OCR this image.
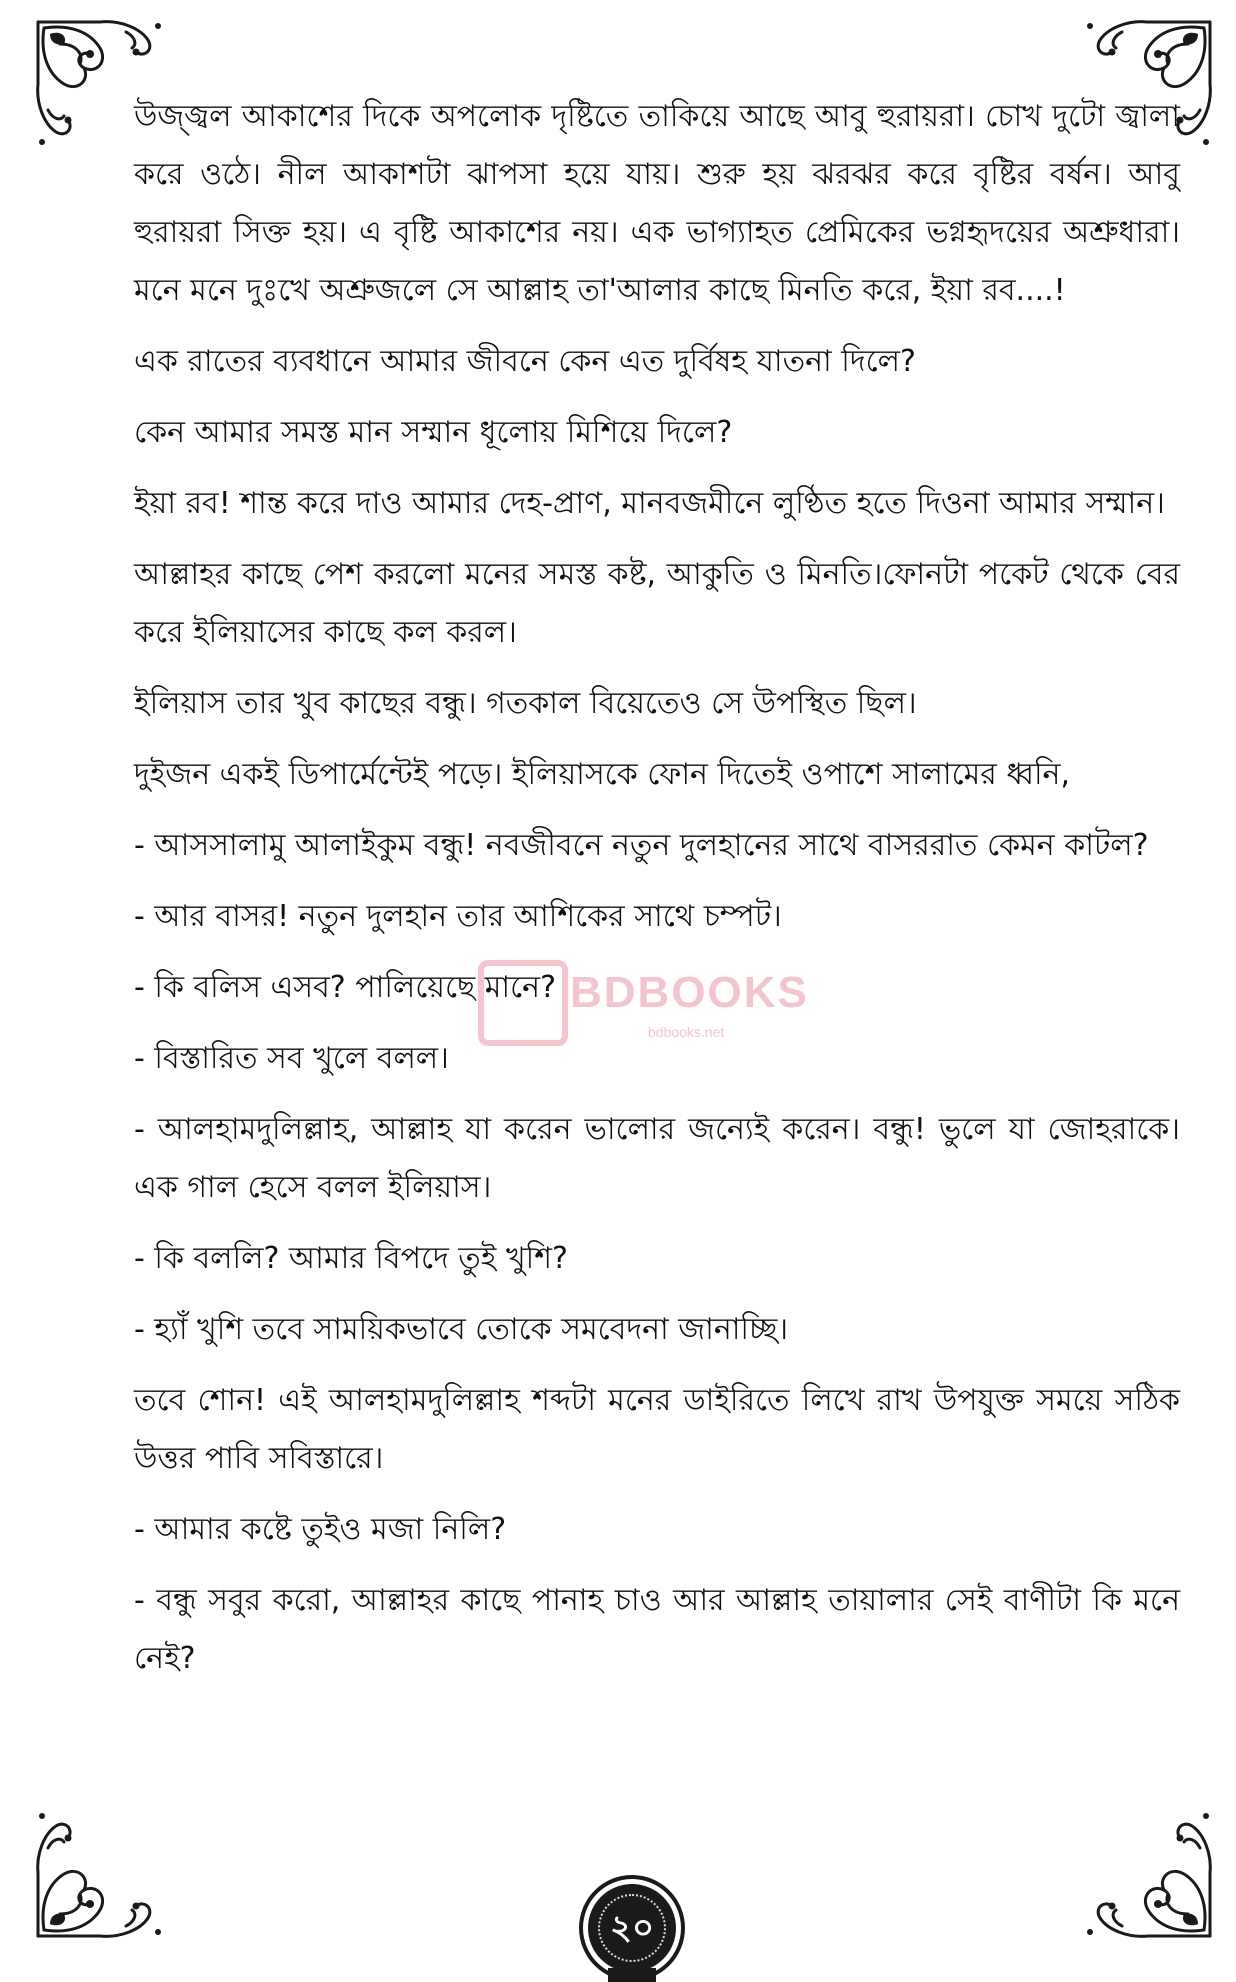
উজ্জ্বল আকাশের দিকে অপলোক দৃষ্টিতে তাকিয়ে আছে আবু হুরায়রা। চোখ দুটো জ্বালা করে ওঠে। নীল আকাশটা ঝাপসা হয়ে যায়। শুরু হয় ঝরঝর করে বৃষ্টির বর্ষন। আবু হুরায়রা সিক্ত হয়। এ বৃষ্টি আকাশের নয়। এক ভাগ্যাহত প্রেমিকের ভগ্নহৃদয়ের অশ্রুধারা। মনে মনে দুঃখে অশ্রুজলে সে আল্লাহ তা'আলার কাছে মিনতি করে, ইয়া রব....!

এক রাতের ব্যবধানে আমার জীবনে কেন এত দুর্বিষহ যাতনা দিলে?

কেন আমার সমস্ত মান সম্মান ধূলোয় মিশিয়ে দিলে?

ইয়া রব! শান্ত করে দাও আমার দেহ-প্রাণ, মানবজমীনে লুণ্ঠিত হতে দিওনা আমার সম্মান।

আল্লাহর কাছে পেশ করলো মনের সমস্ত কষ্ট, আকুতি ও মিনতি।ফোনটা পকেট থেকে বের করে ইলিয়াসের কাছে কল করল।

ইলিয়াস তার খুব কাছের বন্ধু। গতকাল বিয়েতেও সে উপস্থিত ছিল।

দুইজন একই ডিপার্মেন্টেই পড়ে। ইলিয়াসকে ফোন দিতেই ওপাশে সালামের ধ্বনি,

- আসসালামু আলাইকুম বন্ধু! নবজীবনে নতুন দুলহানের সাথে বাসররাত কেমন কাটল?

- আর বাসর! নতুন দুলহান তার আশিকের সাথে চম্পট।

- কি বলিস এসব? পালিয়েছে মানে?

- বিস্তারিত সব খুলে বলল।

- আলহামদুলিল্লাহ, আল্লাহ যা করেন ভালোর জন্যেই করেন। বন্ধু! ভুলে যা জোহরাকে। এক গাল হেসে বলল ইলিয়াস।

- কি বললি? আমার বিপদে তুই খুশি?

- হ্যাঁ খুশি তবে সাময়িকভাবে তোকে সমবেদনা জানাচ্ছি।

তবে শোন! এই আলহামদুলিল্লাহ শব্দটা মনের ডাইরিতে লিখে রাখ উপযুক্ত সময়ে সঠিক উত্তর পাবি সবিস্তারে।

- আমার কষ্টে তুইও মজা নিলি?

- বন্ধু সবুর করো, আল্লাহর কাছে পানাহ চাও আর আল্লাহ তায়ালার সেই বাণীটা কি মনে নেই?

BDBOOKS
bdbooks.net
২০
